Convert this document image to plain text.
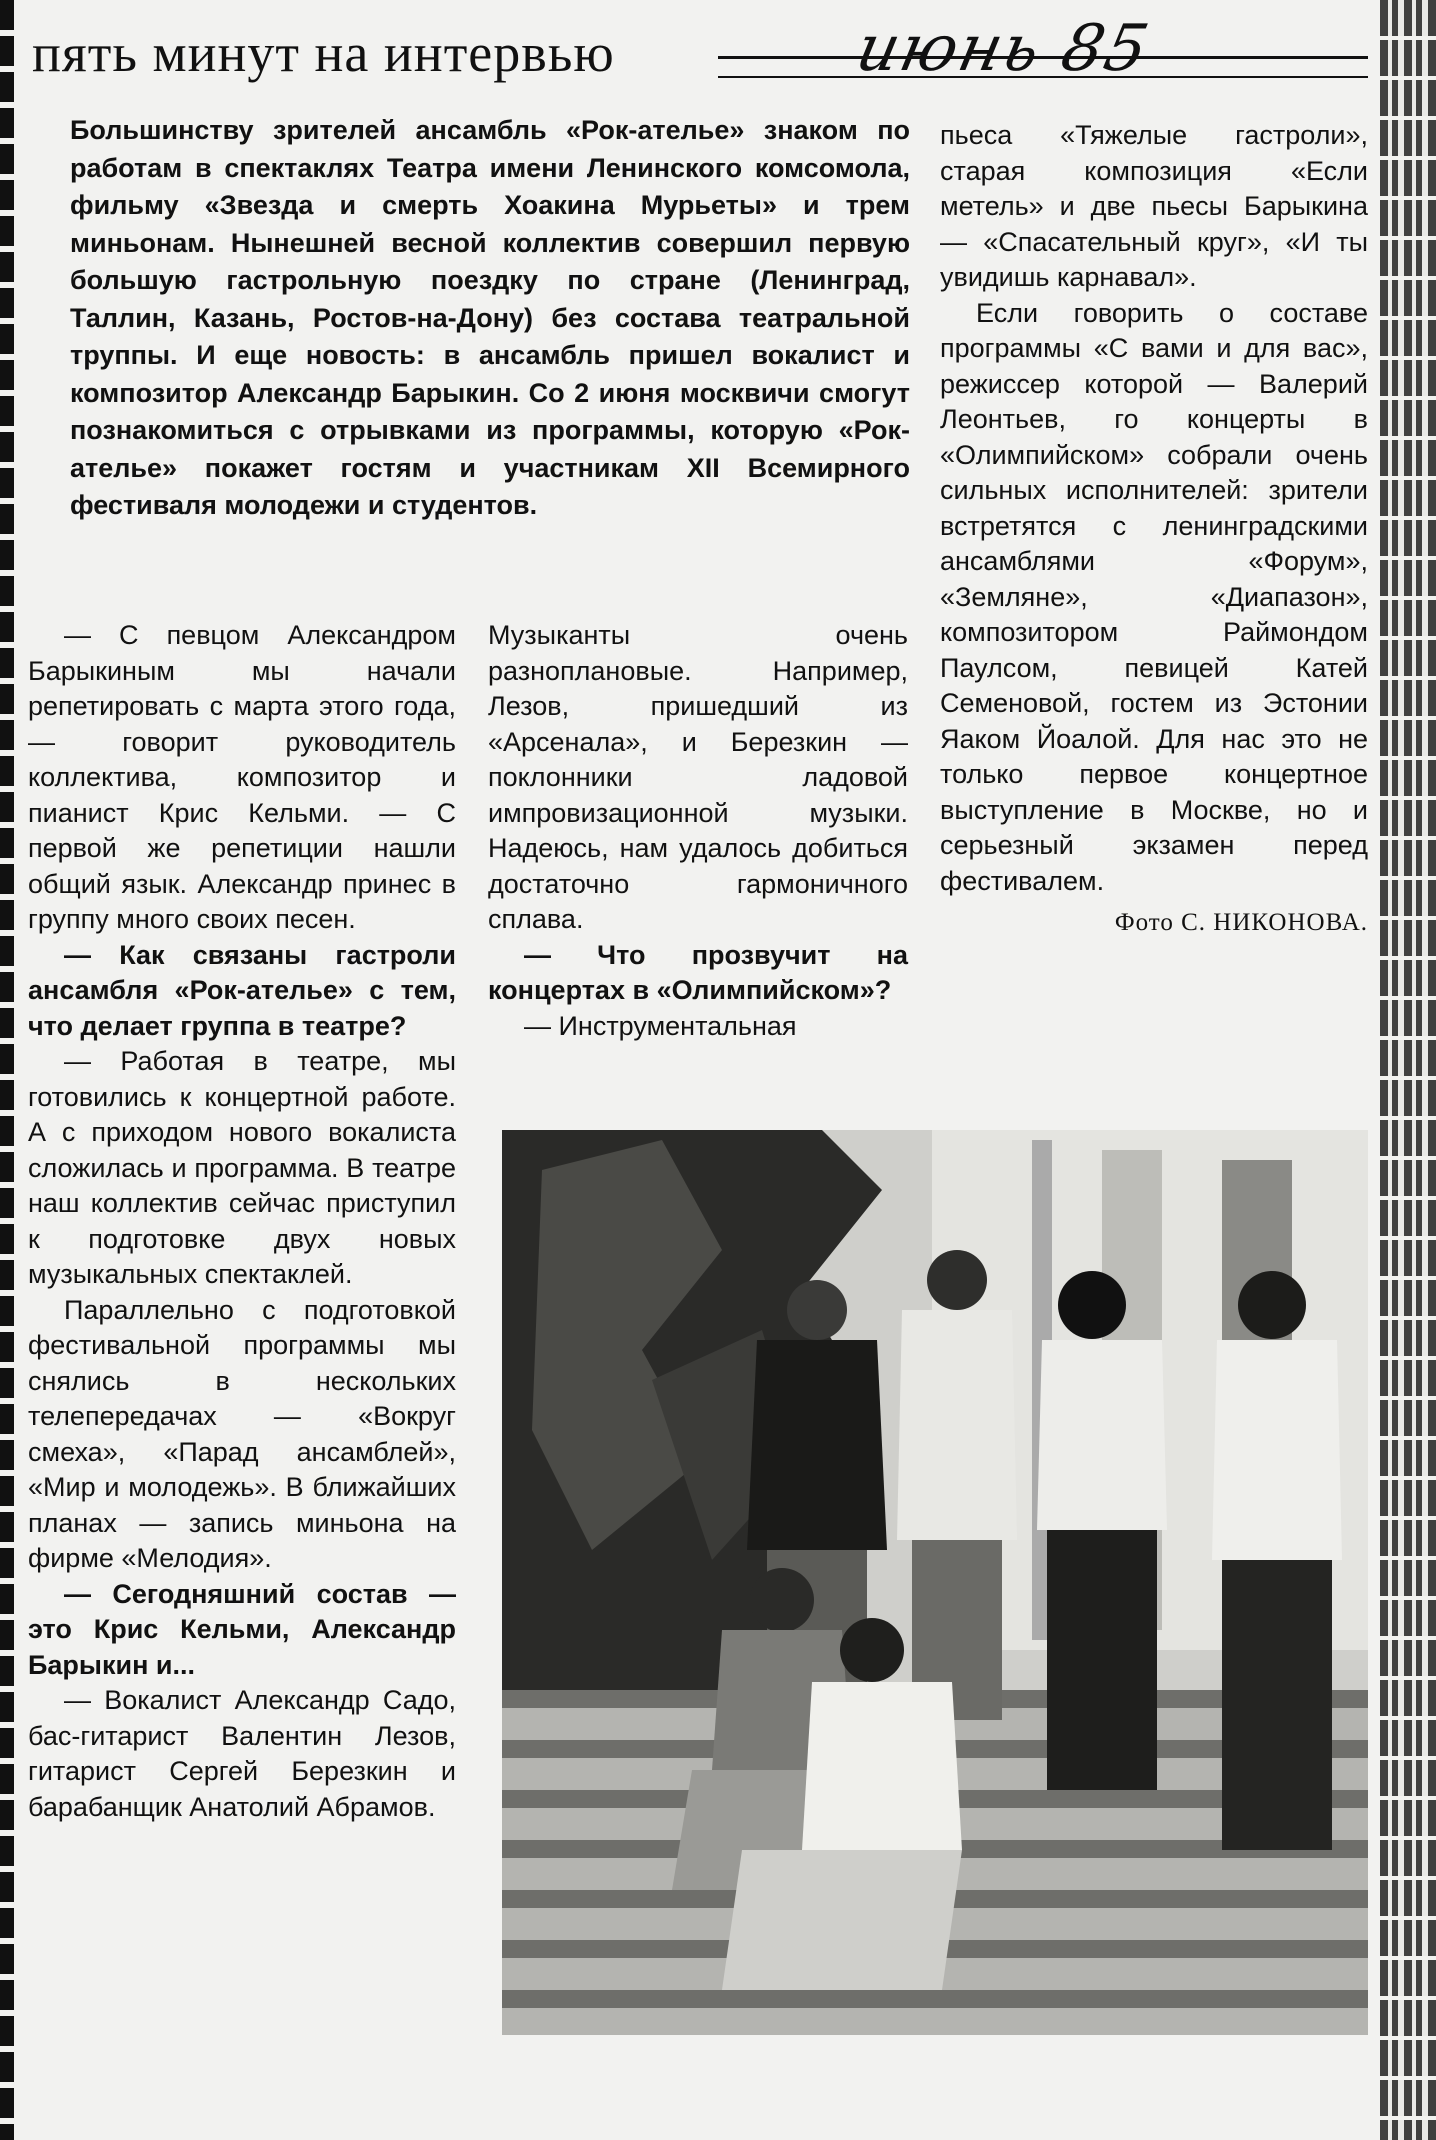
пять минут на интервью	июнь 85
Большинству зрителей ансамбль «Рок-ателье» знаком по работам в спектаклях Театра имени Ленинского комсомола, фильму «Звезда и смерть Хоакина Мурьеты» и трем миньонам. Нынешней весной коллектив совершил первую большую гастрольную поездку по стране (Ленинград, Таллин, Казань, Ростов-на-Дону) без состава театральной труппы. И еще новость: в ансамбль пришел вокалист и композитор Александр Барыкин. Со 2 июня москвичи смогут познакомиться с отрывками из программы, которую «Рок-ателье» покажет гостям и участникам XII Всемирного фестиваля молодежи и студентов.

— С певцом Александром Барыкиным мы начали репетировать с марта этого года, — говорит руководитель коллектива, композитор и пианист Крис Кельми. — С первой же репетиции нашли общий язык. Александр принес в группу много своих песен.

— Как связаны гастроли ансамбля «Рок-ателье» с тем, что делает группа в театре?

— Работая в театре, мы готовились к концертной работе. А с приходом нового вокалиста сложилась и программа. В театре наш коллектив сейчас приступил к подготовке двух новых музыкальных спектаклей.

Параллельно с подготовкой фестивальной программы мы снялись в нескольких телепередачах — «Вокруг смеха», «Парад ансамблей», «Мир и молодежь». В ближайших планах — запись миньона на фирме «Мелодия».

— Сегодняшний состав — это Крис Кельми, Александр Барыкин и...

— Вокалист Александр Садо, бас-гитарист Валентин Лезов, гитарист Сергей Березкин и барабанщик Анатолий Абрамов.

Музыканты очень разноплановые. Например, Лезов, пришедший из «Арсенала», и Березкин — поклонники ладовой импровизационной музыки. Надеюсь, нам удалось добиться достаточно гармоничного сплава.

— Что прозвучит на концертах в «Олимпийском»?

— Инструментальная

пьеса «Тяжелые гастроли», старая композиция «Если метель» и две пьесы Барыкина — «Спасательный круг», «И ты увидишь карнавал».

Если говорить о составе программы «С вами и для вас», режиссер которой — Валерий Леонтьев, го концерты в «Олимпийском» собрали очень сильных исполнителей: зрители встретятся с ленинградскими ансамблями «Форум», «Земляне», «Диапазон», композитором Раймондом Паулсом, певицей Катей Семеновой, гостем из Эстонии Яаком Йоалой. Для нас это не только первое концертное выступление в Москве, но и серьезный экзамен перед фестивалем.

Фото С. НИКОНОВА.
